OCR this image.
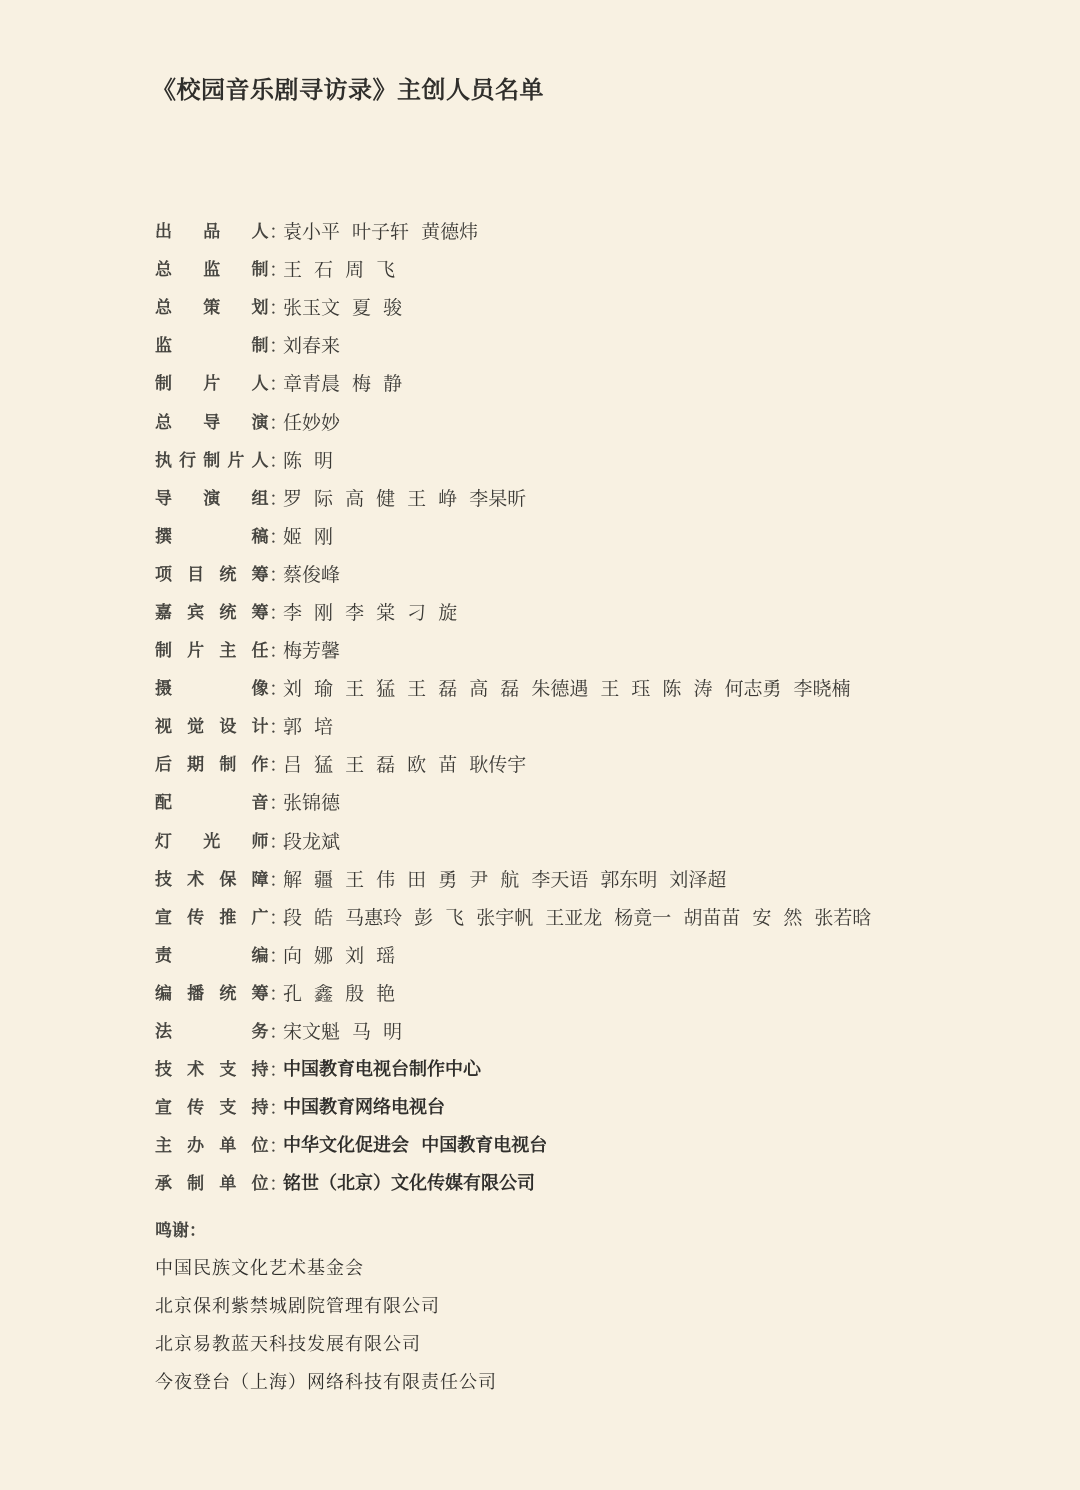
《校园音乐剧寻访录》主创人员名单
出品人 ：
袁小平 叶子轩 黄德炜
总监制 ：
王 石 周 飞
总策划 ：
张玉文 夏 骏
监制 ：
刘春来
制片人 ：
章青晨 梅 静
总导演 ：
任妙妙
执行制片人 ：
陈 明
导演组 ：
罗 际 高 健 王 峥 李杲昕
撰稿 ：
姬 刚
项目统筹 ：
蔡俊峰
嘉宾统筹 ：
李 刚 李 棠 刁 旋
制片主任 ：
梅芳馨
摄像 ：
刘 瑜 王 猛 王 磊 高 磊 朱德遇 王 珏 陈 涛 何志勇 李晓楠
视觉设计 ：
郭 培
后期制作 ：
吕 猛 王 磊 欧 苗 耿传宇
配音 ：
张锦德
灯光师 ：
段龙斌
技术保障 ：
解 疆 王 伟 田 勇 尹 航 李天语 郭东明 刘泽超
宣传推广 ：
段 皓 马惠玲 彭 飞 张宇帆 王亚龙 杨竟一 胡苗苗 安 然 张若晗
责编 ：
向 娜 刘 瑶
编播统筹 ：
孔 鑫 殷 艳
法务 ：
宋文魁 马 明
技术支持 ：
中国教育电视台制作中心
宣传支持 ：
中国教育网络电视台
主办单位 ：
中华文化促进会 中国教育电视台
承制单位 ：
铭世（北京）文化传媒有限公司
鸣谢：
中国民族文化艺术基金会
北京保利紫禁城剧院管理有限公司
北京易教蓝天科技发展有限公司
今夜登台（上海）网络科技有限责任公司
